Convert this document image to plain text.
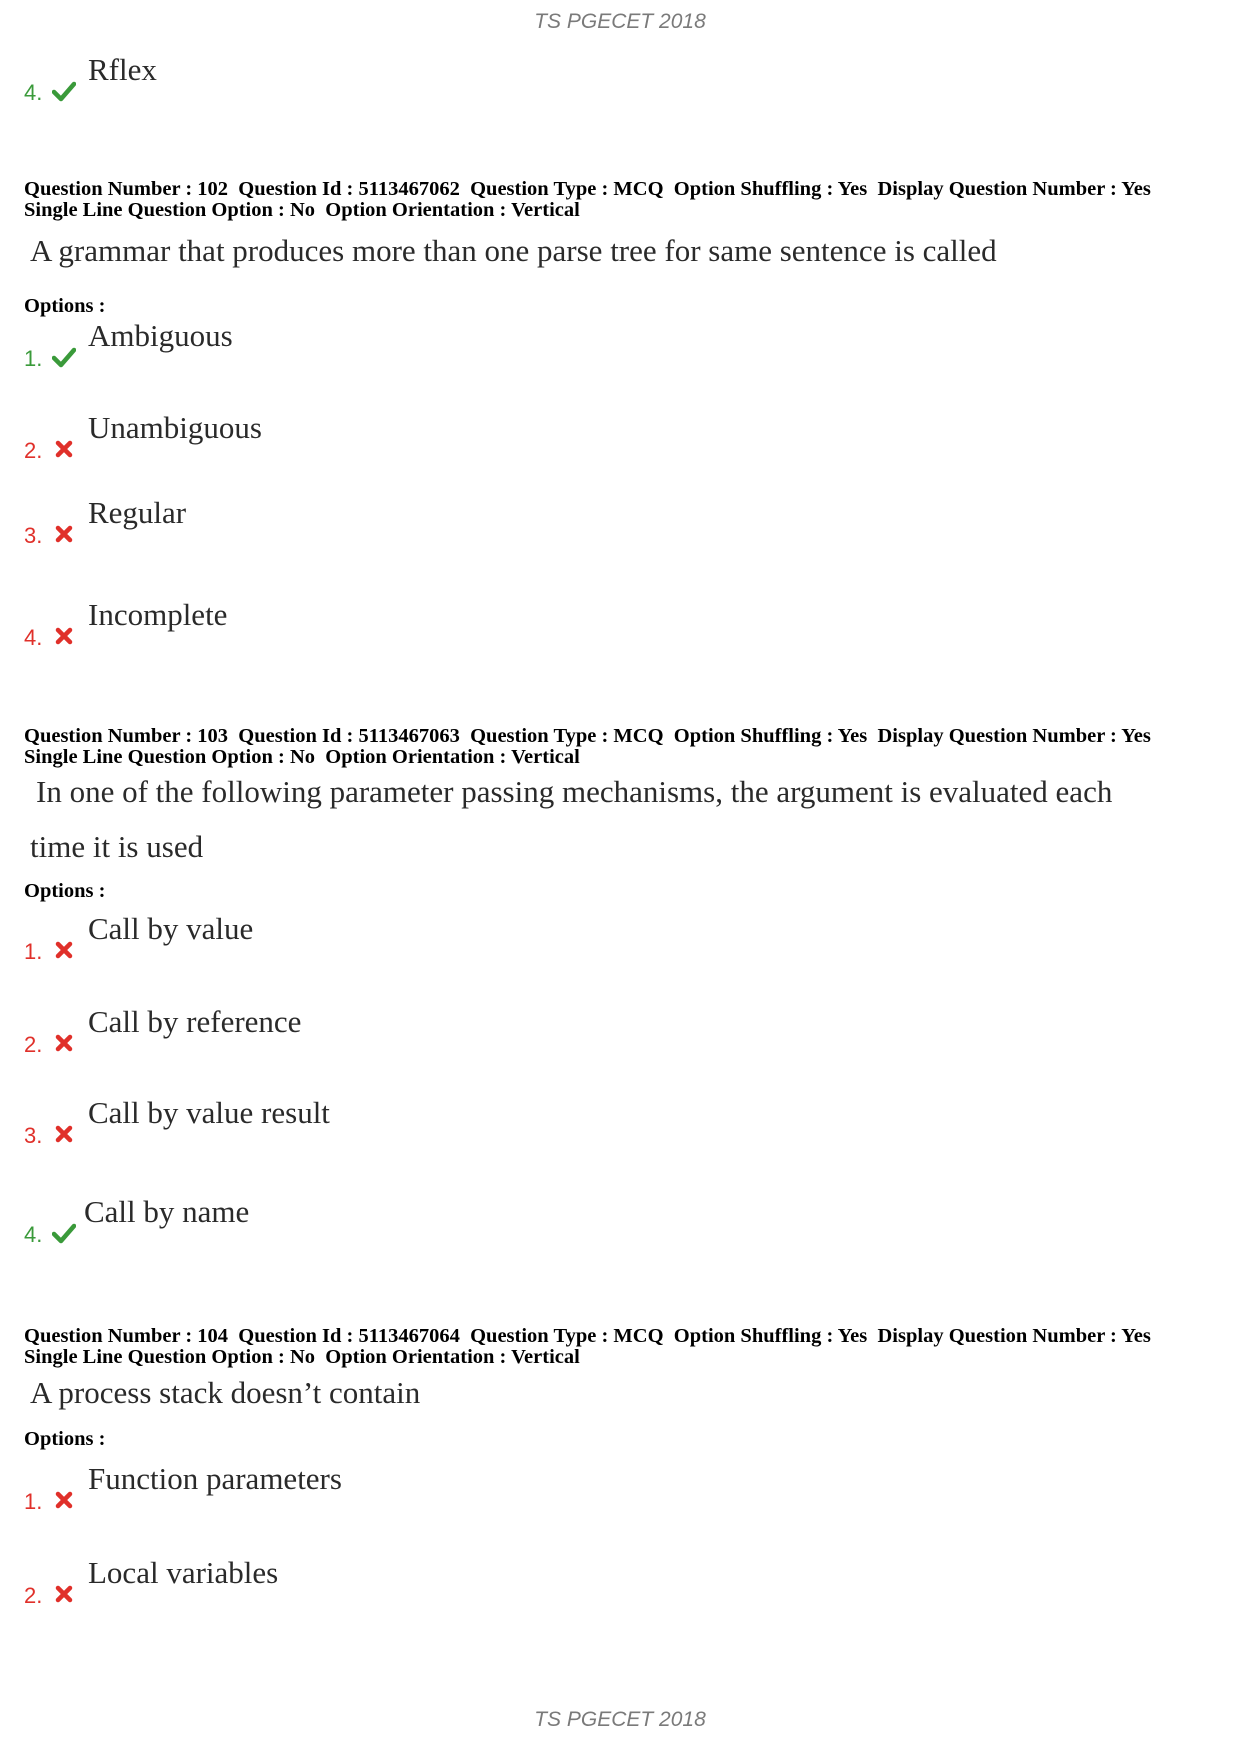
TS PGECET 2018
4.
Rflex
Question Number : 102  Question Id : 5113467062  Question Type : MCQ  Option Shuffling : Yes  Display Question Number : Yes
Single Line Question Option : No  Option Orientation : Vertical
A grammar that produces more than one parse tree for same sentence is called
Options :
1.
Ambiguous
2.
Unambiguous
3.
Regular
4.
Incomplete
Question Number : 103  Question Id : 5113467063  Question Type : MCQ  Option Shuffling : Yes  Display Question Number : Yes
Single Line Question Option : No  Option Orientation : Vertical
In one of the following parameter passing mechanisms, the argument is evaluated each
time it is used
Options :
1.
Call by value
2.
Call by reference
3.
Call by value result
4.
Call by name
Question Number : 104  Question Id : 5113467064  Question Type : MCQ  Option Shuffling : Yes  Display Question Number : Yes
Single Line Question Option : No  Option Orientation : Vertical
A process stack doesn’t contain
Options :
1.
Function parameters
2.
Local variables
TS PGECET 2018
